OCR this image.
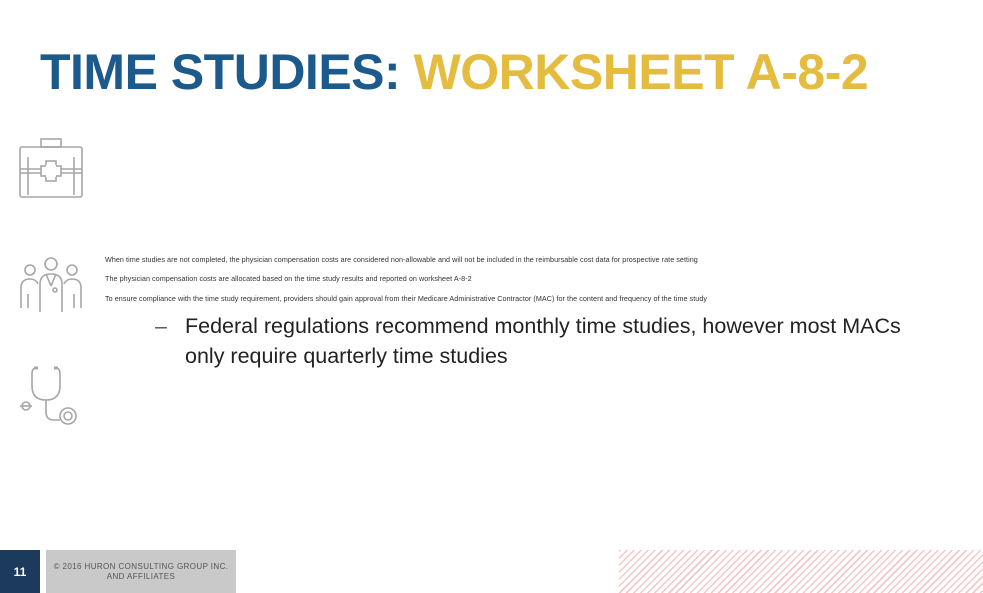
TIME STUDIES: WORKSHEET A-8-2
When time studies are not completed, the physician compensation costs are considered non-allowable and will not be included in the reimbursable cost data for prospective rate setting
The physician compensation costs are allocated based on the time study results and reported on worksheet A-8-2
To ensure compliance with the time study requirement, providers should gain approval from their Medicare Administrative Contractor (MAC) for the content and frequency of the time study
– Federal regulations recommend monthly time studies, however most MACs only require quarterly time studies
11	© 2016 HURON CONSULTING GROUP INC. AND AFFILIATES
